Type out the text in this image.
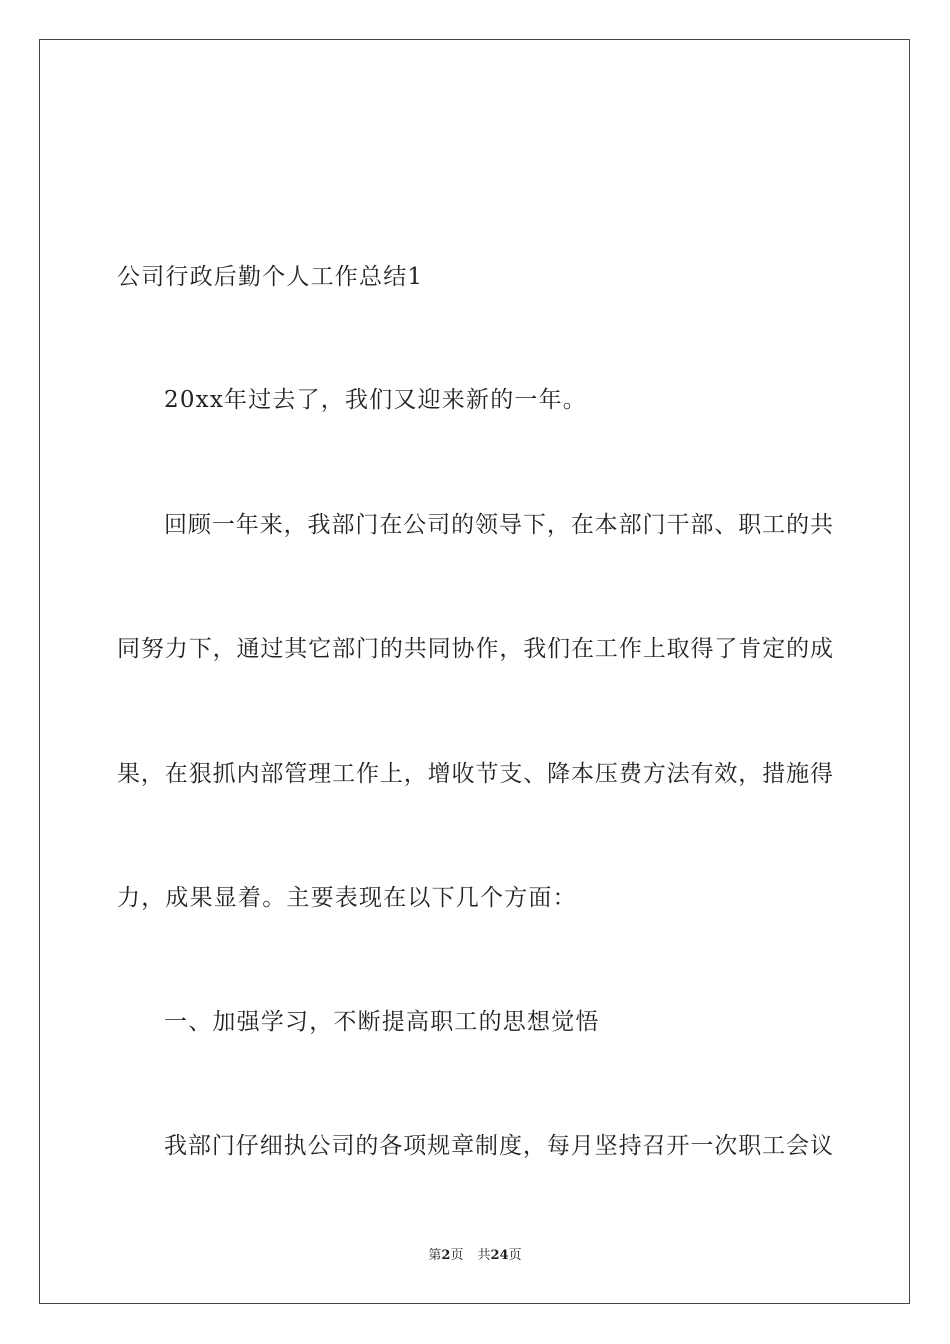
公司行政后勤个人工作总结1
20xx年过去了，我们又迎来新的一年。
回顾一年来，我部门在公司的领导下，在本部门干部、职工的共
同努力下，通过其它部门的共同协作，我们在工作上取得了肯定的成
果，在狠抓内部管理工作上，增收节支、降本压费方法有效，措施得
力，成果显着。主要表现在以下几个方面：
一、加强学习，不断提高职工的思想觉悟
我部门仔细执公司的各项规章制度，每月坚持召开一次职工会议
第2页 共24页
